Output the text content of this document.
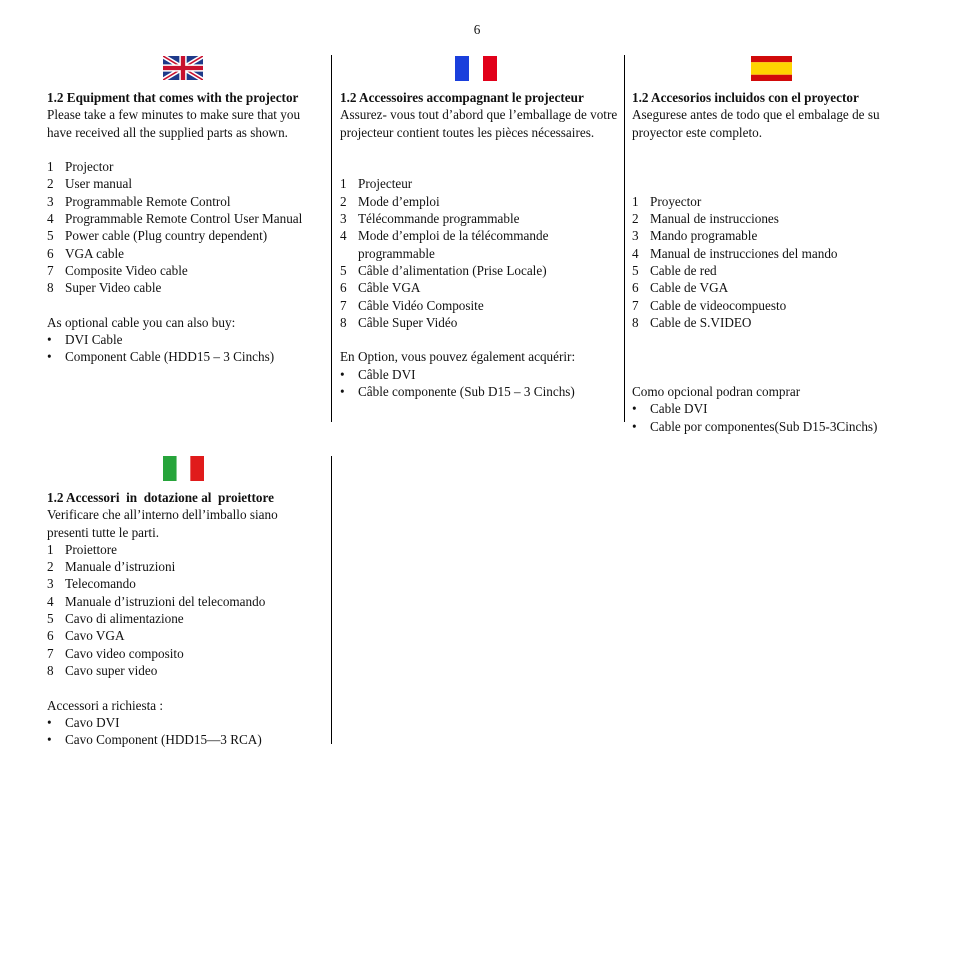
6
1.2 Equipment that comes with the projector
Please take a few minutes to make sure that you have received all the supplied parts as shown.
1 Projector
2 User manual
3 Programmable Remote Control
4 Programmable Remote Control User Manual
5 Power cable (Plug country dependent)
6 VGA cable
7 Composite Video cable
8 Super Video cable
As optional cable you can also buy:
• DVI Cable
• Component Cable (HDD15 – 3 Cinchs)
1.2 Accessoires accompagnant le projecteur
Assurez- vous tout d’abord que l’emballage de votre projecteur contient toutes les pièces nécessaires.
1 Projecteur
2 Mode d’emploi
3 Télécommande programmable
4 Mode d’emploi de la télécommande programmable
5 Câble d’alimentation (Prise Locale)
6 Câble VGA
7 Câble Vidéo Composite
8 Câble Super Vidéo
En Option, vous pouvez également acquérir:
• Câble DVI
• Câble componente (Sub D15 – 3 Cinchs)
1.2 Accesorios incluidos con el proyector
Asegurese antes de todo que el embalage de su proyector este completo.
1 Proyector
2 Manual de instrucciones
3 Mando programable
4 Manual de instrucciones del mando
5 Cable de red
6 Cable de VGA
7 Cable de videocompuesto
8 Cable de S.VIDEO
Como opcional podran comprar
• Cable DVI
• Cable por componentes(Sub D15-3Cinchs)
1.2 Accessori  in  dotazione al  proiettore
Verificare che all’interno dell’imballo siano presenti tutte le parti.
1 Proiettore
2 Manuale d’istruzioni
3 Telecomando
4 Manuale d’istruzioni del telecomando
5 Cavo di alimentazione
6 Cavo VGA
7 Cavo video composito
8 Cavo super video
Accessori a richiesta :
• Cavo DVI
• Cavo Component (HDD15—3 RCA)
